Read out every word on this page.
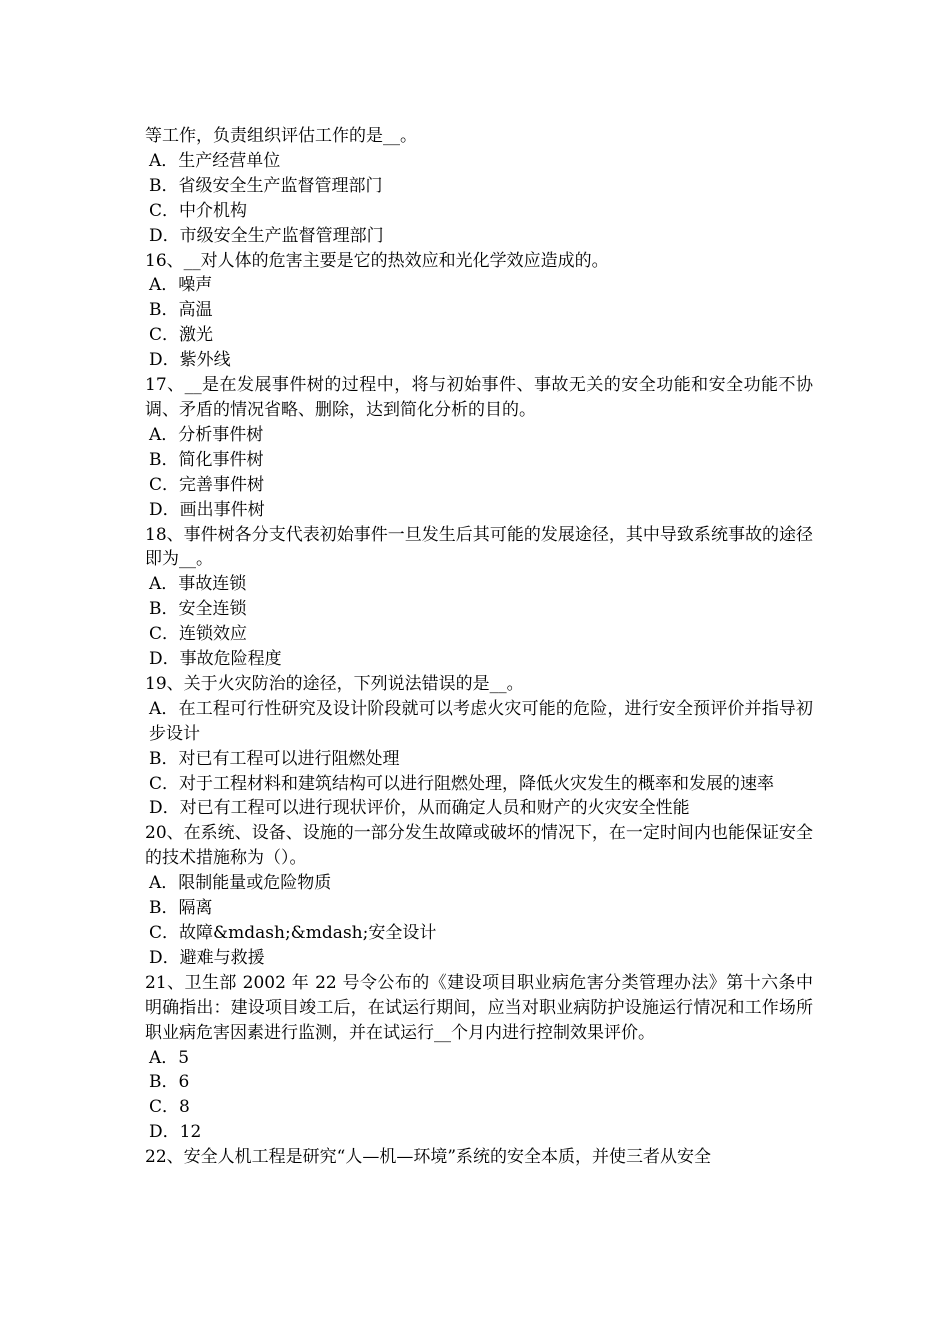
等工作，负责组织评估工作的是__。

A．生产经营单位

B．省级安全生产监督管理部门

C．中介机构

D．市级安全生产监督管理部门

16、__对人体的危害主要是它的热效应和光化学效应造成的。

A．噪声

B．高温

C．激光

D．紫外线

17、__是在发展事件树的过程中，将与初始事件、事故无关的安全功能和安全功能不协调、矛盾的情况省略、删除，达到简化分析的目的。

A．分析事件树

B．简化事件树

C．完善事件树

D．画出事件树

18、事件树各分支代表初始事件一旦发生后其可能的发展途径，其中导致系统事故的途径即为__。

A．事故连锁

B．安全连锁

C．连锁效应

D．事故危险程度

19、关于火灾防治的途径，下列说法错误的是__。

A．在工程可行性研究及设计阶段就可以考虑火灾可能的危险，进行安全预评价并指导初步设计

B．对已有工程可以进行阻燃处理

C．对于工程材料和建筑结构可以进行阻燃处理，降低火灾发生的概率和发展的速率

D．对已有工程可以进行现状评价，从而确定人员和财产的火灾安全性能

20、在系统、设备、设施的一部分发生故障或破坏的情况下，在一定时间内也能保证安全的技术措施称为（）。

A．限制能量或危险物质

B．隔离

C．故障&mdash;&mdash;安全设计

D．避难与救援

21、卫生部 2002 年 22 号令公布的《建设项目职业病危害分类管理办法》第十六条中明确指出：建设项目竣工后，在试运行期间，应当对职业病防护设施运行情况和工作场所职业病危害因素进行监测，并在试运行__个月内进行控制效果评价。

A．5

B．6

C．8

D．12

22、安全人机工程是研究“人—机—环境”系统的安全本质，并使三者从安全
